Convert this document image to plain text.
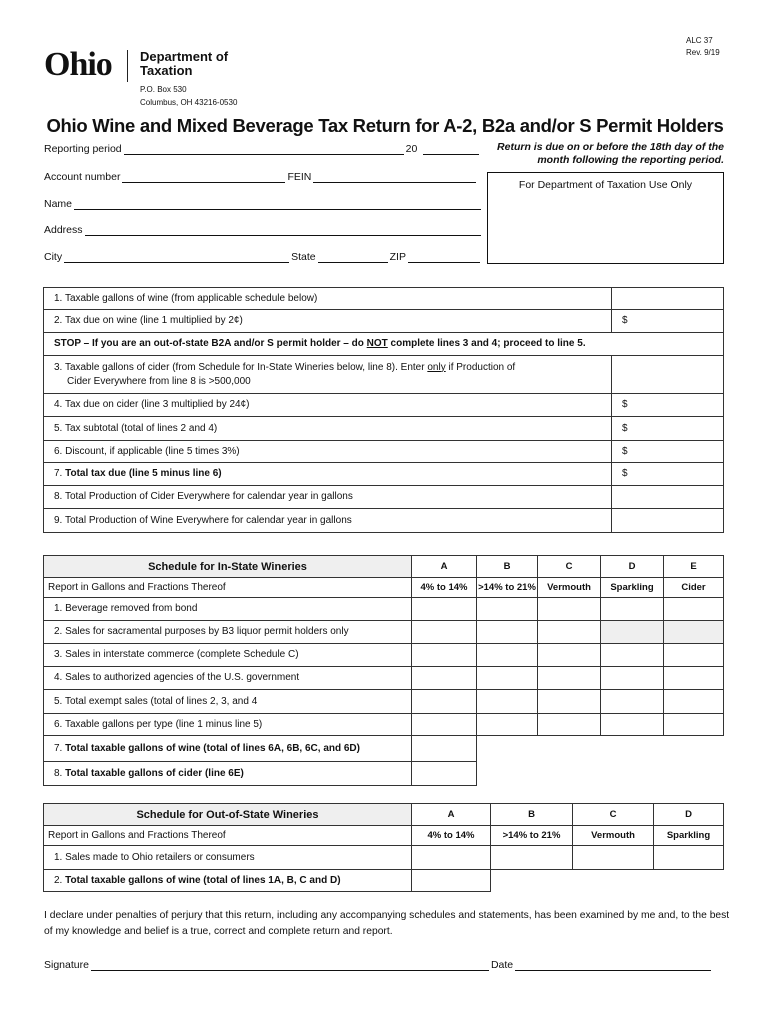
Ohio Department of
Taxation
P.O. Box 530
Columbus, OH 43216-0530
ALC 37
Rev. 9/19
Ohio Wine and Mixed Beverage Tax Return for A-2, B2a and/or S Permit Holders
Reporting period	20
Account number	FEIN
Name
Address
City	State	ZIP
Return is due on or before the 18th day of the month following the reporting period.
For Department of Taxation Use Only
1. Taxable gallons of wine (from applicable schedule below)	
2. Tax due on wine (line 1 multiplied by 2¢)	$
STOP – If you are an out-of-state B2A and/or S permit holder – do NOT complete lines 3 and 4; proceed to line 5.	
3. Taxable gallons of cider (from Schedule for In-State Wineries below, line 8). Enter only if Production of
Cider Everywhere from line 8 is >500,000	
4. Tax due on cider (line 3 multiplied by 24¢)	$
5. Tax subtotal (total of lines 2 and 4)	$
6. Discount, if applicable (line 5 times 3%)	$
7. Total tax due (line 5 minus line 6)	$
8. Total Production of Cider Everywhere for calendar year in gallons	
9. Total Production of Wine Everywhere for calendar year in gallons	
Schedule for In-State Wineries	A	B	C	D	E
Report in Gallons and Fractions Thereof	4% to 14%	>14% to 21%	Vermouth	Sparkling	Cider
1. Beverage removed from bond					
2. Sales for sacramental purposes by B3 liquor permit holders only					
3. Sales in interstate commerce (complete Schedule C)					
4. Sales to authorized agencies of the U.S. government					
5. Total exempt sales (total of lines 2, 3, and 4					
6. Taxable gallons per type (line 1 minus line 5)					
7. Total taxable gallons of wine (total of lines 6A, 6B, 6C, and 6D)					
8. Total taxable gallons of cider (line 6E)					
Schedule for Out-of-State Wineries	A	B	C	D
Report in Gallons and Fractions Thereof	4% to 14%	>14% to 21%	Vermouth	Sparkling
1. Sales made to Ohio retailers or consumers				
2. Total taxable gallons of wine (total of lines 1A, B, C and D)				
I declare under penalties of perjury that this return, including any accompanying schedules and statements, has been examined by me and, to the best of my knowledge and belief is a true, correct and complete return and report.
Signature	Date
